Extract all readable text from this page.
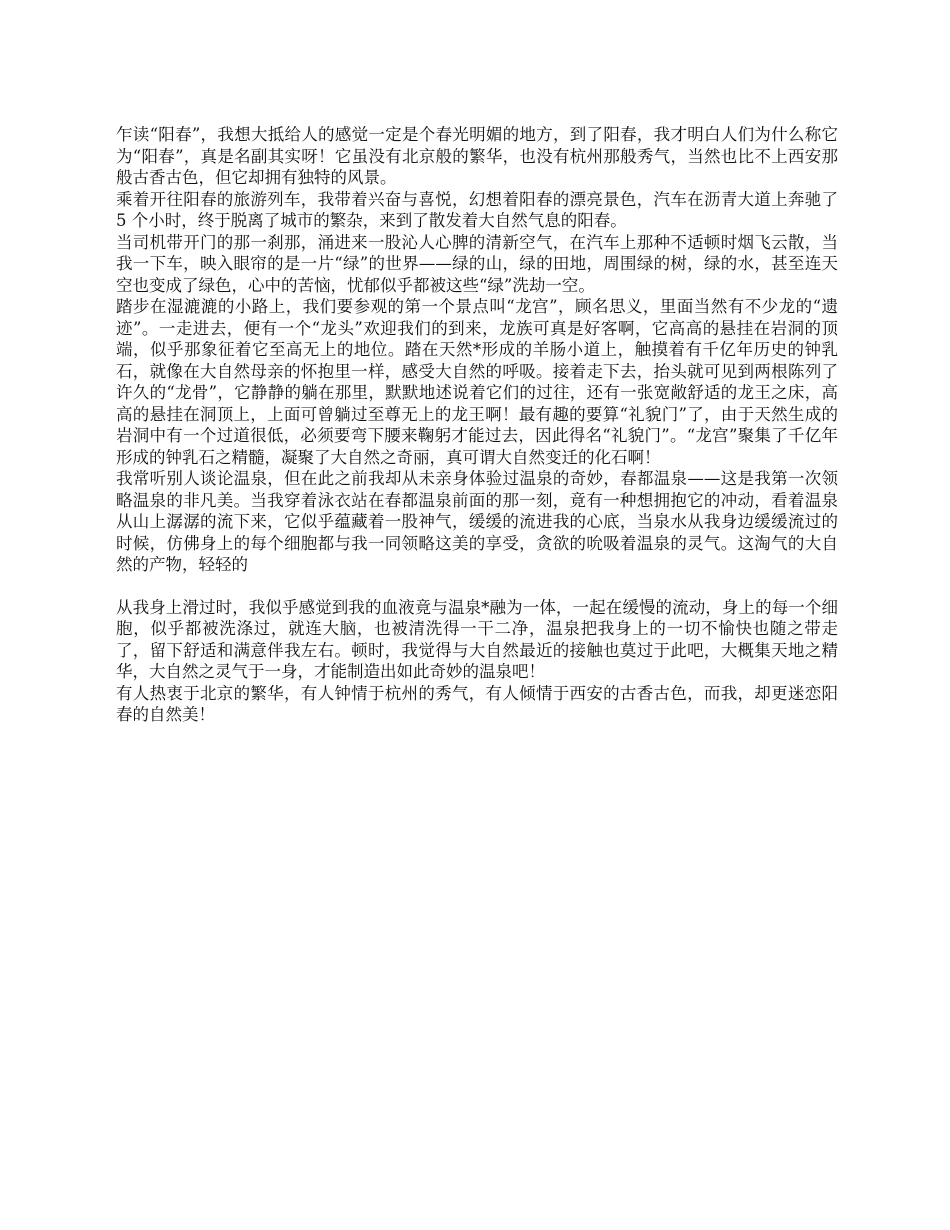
乍读“阳春”，我想大抵给人的感觉一定是个春光明媚的地方，到了阳春，我才明白人们为什么称它为“阳春”，真是名副其实呀！它虽没有北京般的繁华，也没有杭州那般秀气，当然也比不上西安那般古香古色，但它却拥有独特的风景。

乘着开往阳春的旅游列车，我带着兴奋与喜悦，幻想着阳春的漂亮景色，汽车在沥青大道上奔驰了 5 个小时，终于脱离了城市的繁杂，来到了散发着大自然气息的阳春。

当司机带开门的那一刹那，涌进来一股沁人心脾的清新空气，在汽车上那种不适顿时烟飞云散，当我一下车，映入眼帘的是一片“绿”的世界——绿的山，绿的田地，周围绿的树，绿的水，甚至连天空也变成了绿色，心中的苦恼，忧郁似乎都被这些“绿”洗劫一空。

踏步在湿漉漉的小路上，我们要参观的第一个景点叫“龙宫”，顾名思义，里面当然有不少龙的“遗迹”。一走进去，便有一个“龙头”欢迎我们的到来，龙族可真是好客啊，它高高的悬挂在岩洞的顶端，似乎那象征着它至高无上的地位。踏在天然*形成的羊肠小道上，触摸着有千亿年历史的钟乳石，就像在大自然母亲的怀抱里一样，感受大自然的呼吸。接着走下去，抬头就可见到两根陈列了许久的“龙骨”，它静静的躺在那里，默默地述说着它们的过往，还有一张宽敞舒适的龙王之床，高高的悬挂在洞顶上，上面可曾躺过至尊无上的龙王啊！最有趣的要算“礼貌门”了，由于天然生成的岩洞中有一个过道很低，必须要弯下腰来鞠躬才能过去，因此得名“礼貌门”。“龙宫”聚集了千亿年形成的钟乳石之精髓，凝聚了大自然之奇丽，真可谓大自然变迁的化石啊！

我常听别人谈论温泉，但在此之前我却从未亲身体验过温泉的奇妙，春都温泉——这是我第一次领略温泉的非凡美。当我穿着泳衣站在春都温泉前面的那一刻，竟有一种想拥抱它的冲动，看着温泉从山上潺潺的流下来，它似乎蕴藏着一股神气，缓缓的流进我的心底，当泉水从我身边缓缓流过的时候，仿佛身上的每个细胞都与我一同领略这美的享受，贪欲的吮吸着温泉的灵气。这淘气的大自然的产物，轻轻的

从我身上滑过时，我似乎感觉到我的血液竟与温泉*融为一体，一起在缓慢的流动，身上的每一个细胞，似乎都被洗涤过，就连大脑，也被清洗得一干二净，温泉把我身上的一切不愉快也随之带走了，留下舒适和满意伴我左右。顿时，我觉得与大自然最近的接触也莫过于此吧，大概集天地之精华，大自然之灵气于一身，才能制造出如此奇妙的温泉吧！

有人热衷于北京的繁华，有人钟情于杭州的秀气，有人倾情于西安的古香古色，而我，却更迷恋阳春的自然美！
